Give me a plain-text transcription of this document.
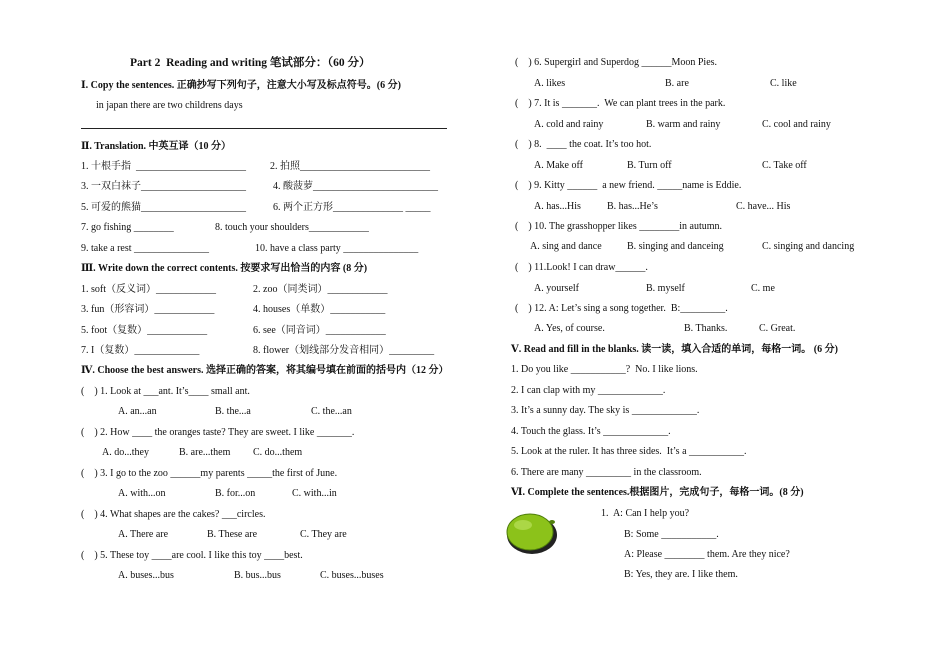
Part 2  Reading and writing 笔试部分：（60 分）
Ⅰ. Copy the sentences. 正确抄写下列句子，注意大小写及标点符号。(6 分)
in japan there are two childrens days
Ⅱ. Translation. 中英互译（10 分）
1. 十根手指  ______________________ 2. 拍照__________________________
3. 一双白袜子_____________________	4. 酸菠萝_________________________
5. 可爱的熊猫_____________________	6. 两个正方形______________ _____
7. go fishing ________	8. touch your shoulders____________
9. take a rest _______________	10. have a class party _______________
Ⅲ. Write down the correct contents. 按要求写出恰当的内容 (8 分)
1. soft（反义词）____________	2. zoo（同类词）____________
3. fun（形容词）____________	4. houses（单数）___________
5. foot（复数）____________	6. see（同音词）____________
7. I（复数）_____________	8. flower（划线部分发音相同）_________
Ⅳ. Choose the best answers. 选择正确的答案，将其编号填在前面的括号内（12 分）
(    ) 1. Look at ___ant. It’s____ small ant.
A. an...an	B. the...a	C. the...an
(    ) 2. How ____ the oranges taste? They are sweet. I like _______.
A. do...they	B. are...them C. do...them
(    ) 3. I go to the zoo ______my parents _____the first of June.
A. with...on	B. for...on	C. with...in
(    ) 4. What shapes are the cakes? ___circles.
A. There are	B. These are	C. They are
(    ) 5. These toy ____are cool. I like this toy ____best.
A. buses...bus	B. bus...bus	C. buses...buses
(    ) 6. Supergirl and Superdog ______Moon Pies.
A. likes	B. are	C. like
(    ) 7. It is _______.  We can plant trees in the park.
A. cold and rainy	B. warm and rainy	C. cool and rainy
(    ) 8.  ____ the coat. It’s too hot.
A. Make off	B. Turn off	C. Take off
(    ) 9. Kitty ______  a new friend. _____name is Eddie.
A. has...His	B. has...He’s	C. have... His
(    ) 10. The grasshopper likes ________in autumn.
A. sing and dance	B. singing and danceing	C. singing and dancing
(    ) 11.Look! I can draw______.
A. yourself	B. myself	C. me
(    ) 12. A: Let’s sing a song together.  B:_________.
A. Yes, of course.	B. Thanks.	C. Great.
Ⅴ. Read and fill in the blanks. 读一读，填入合适的单词，每格一词。 (6 分)
1. Do you like ___________?  No. I like lions.
2. I can clap with my _____________.
3. It’s a sunny day. The sky is _____________.
4. Touch the glass. It’s _____________.
5. Look at the ruler. It has three sides.  It’s a ___________.
6. There are many _________ in the classroom.
Ⅵ. Complete the sentences.根据图片，完成句子，每格一词。(8 分)
1.  A: Can I help you?
B: Some ___________.
A: Please ________ them. Are they nice?
B: Yes, they are. I like them.
